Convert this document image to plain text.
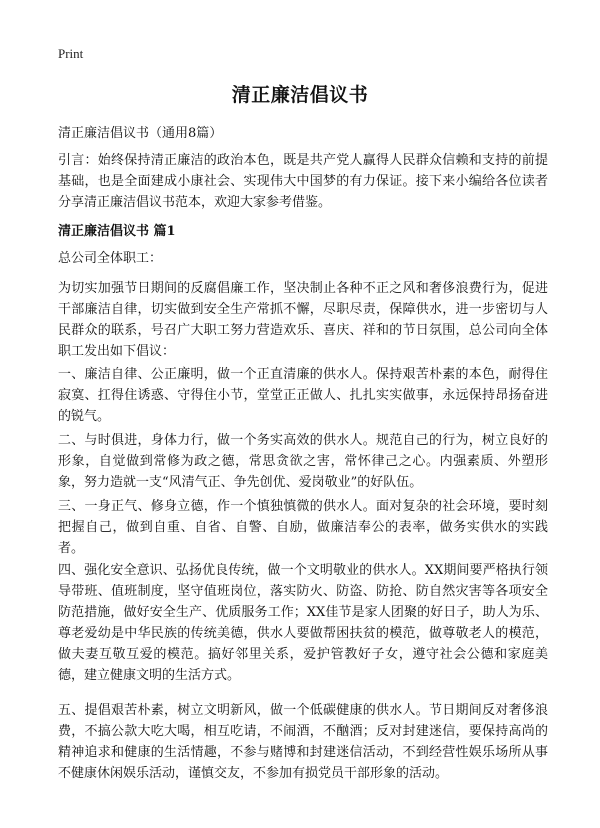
Print
清正廉洁倡议书
清正廉洁倡议书（通用8篇）

引言：始终保持清正廉洁的政治本色，既是共产党人赢得人民群众信赖和支持的前提基础，也是全面建成小康社会、实现伟大中国梦的有力保证。接下来小编给各位读者分享清正廉洁倡议书范本，欢迎大家参考借鉴。

清正廉洁倡议书 篇1

总公司全体职工：

为切实加强节日期间的反腐倡廉工作，坚决制止各种不正之风和奢侈浪费行为，促进干部廉洁自律，切实做到安全生产常抓不懈，尽职尽责，保障供水，进一步密切与人民群众的联系，号召广大职工努力营造欢乐、喜庆、祥和的节日氛围，总公司向全体职工发出如下倡议：

一、廉洁自律、公正廉明，做一个正直清廉的供水人。保持艰苦朴素的本色，耐得住寂寞、扛得住诱惑、守得住小节，堂堂正正做人、扎扎实实做事，永远保持昂扬奋进的锐气。

二、与时俱进，身体力行，做一个务实高效的供水人。规范自己的行为，树立良好的形象，自觉做到常修为政之德，常思贪欲之害，常怀律己之心。内强素质、外塑形象，努力造就一支“风清气正、争先创优、爱岗敬业”的好队伍。

三、一身正气、修身立德，作一个慎独慎微的供水人。面对复杂的社会环境，要时刻把握自己，做到自重、自省、自警、自励，做廉洁奉公的表率，做务实供水的实践者。

四、强化安全意识、弘扬优良传统，做一个文明敬业的供水人。XX期间要严格执行领导带班、值班制度，坚守值班岗位，落实防火、防盗、防抢、防自然灾害等各项安全防范措施，做好安全生产、优质服务工作；XX佳节是家人团聚的好日子，助人为乐、尊老爱幼是中华民族的传统美德，供水人要做帮困扶贫的模范，做尊敬老人的模范，做夫妻互敬互爱的模范。搞好邻里关系，爱护管教好子女，遵守社会公德和家庭美德，建立健康文明的生活方式。

五、提倡艰苦朴素，树立文明新风，做一个低碳健康的供水人。节日期间反对奢侈浪费，不搞公款大吃大喝，相互吃请，不闹酒，不酗酒；反对封建迷信，要保持高尚的精神追求和健康的生活情趣，不参与赌博和封建迷信活动，不到经营性娱乐场所从事不健康休闲娱乐活动，谨慎交友，不参加有损党员干部形象的活动。
